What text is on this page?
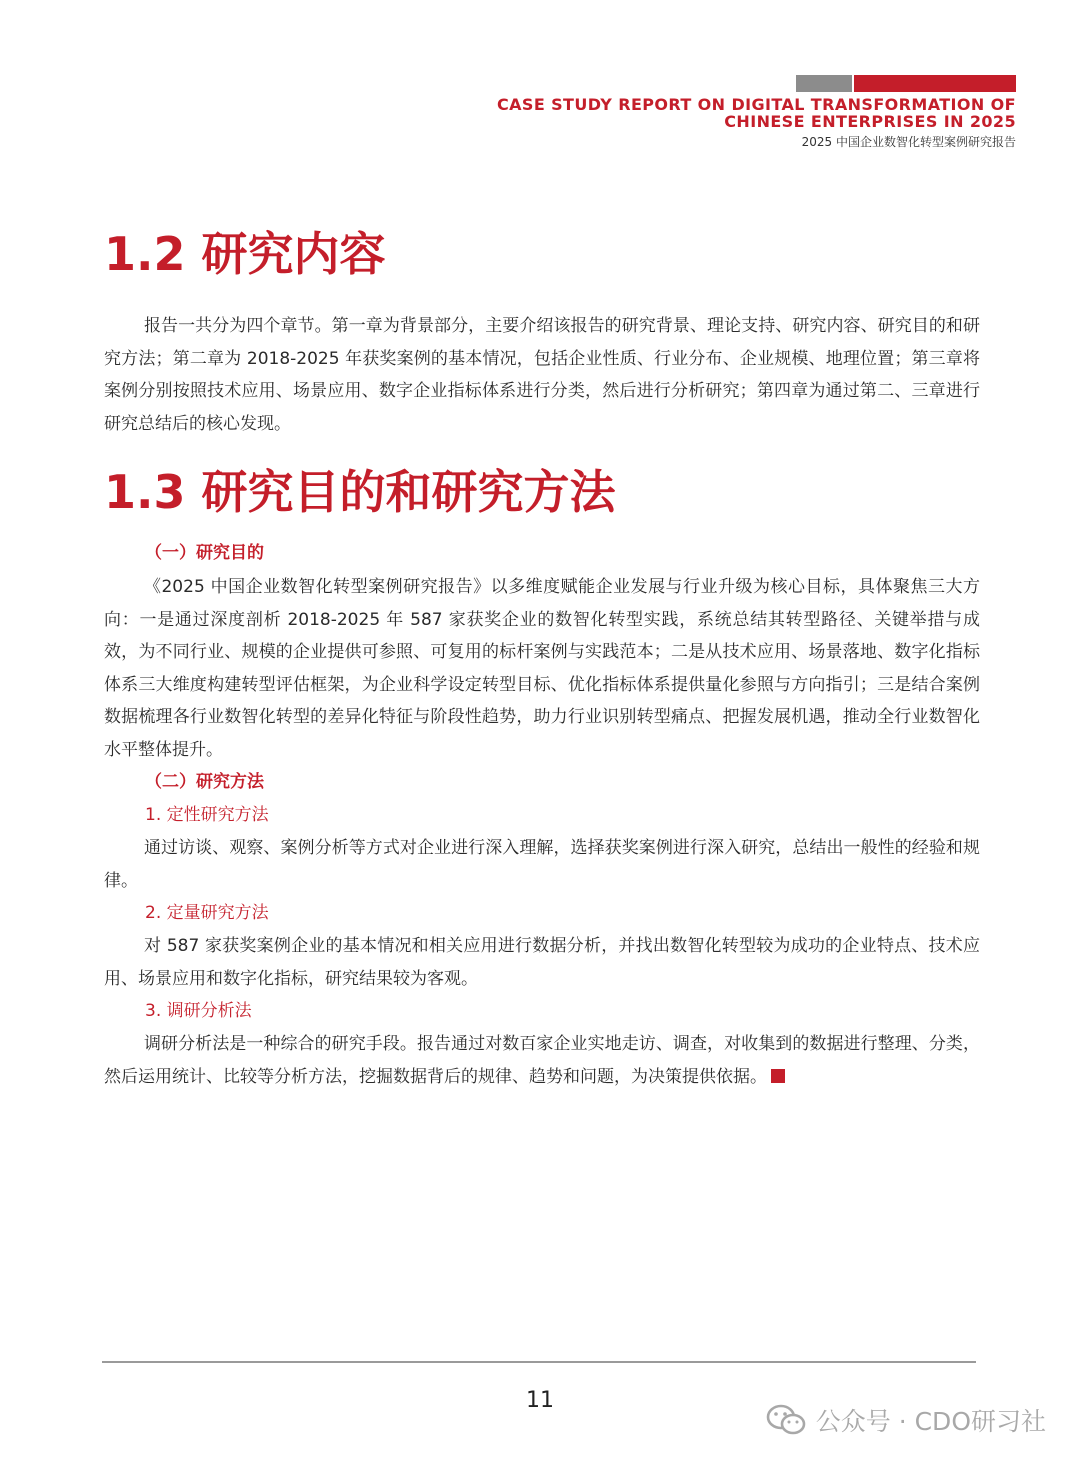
CASE STUDY REPORT ON DIGITAL TRANSFORMATION OF
CHINESE ENTERPRISES IN 2025
2025 中国企业数智化转型案例研究报告
1.2 研究内容

报告一共分为四个章节。第一章为背景部分，主要介绍该报告的研究背景、理论支持、研究内容、研究目的和研究方法；第二章为 2018-2025 年获奖案例的基本情况，包括企业性质、行业分布、企业规模、地理位置；第三章将案例分别按照技术应用、场景应用、数字企业指标体系进行分类，然后进行分析研究；第四章为通过第二、三章进行研究总结后的核心发现。

1.3 研究目的和研究方法
（一）研究目的

《2025 中国企业数智化转型案例研究报告》以多维度赋能企业发展与行业升级为核心目标，具体聚焦三大方向：一是通过深度剖析 2018-2025 年 587 家获奖企业的数智化转型实践，系统总结其转型路径、关键举措与成效，为不同行业、规模的企业提供可参照、可复用的标杆案例与实践范本；二是从技术应用、场景落地、数字化指标体系三大维度构建转型评估框架，为企业科学设定转型目标、优化指标体系提供量化参照与方向指引；三是结合案例数据梳理各行业数智化转型的差异化特征与阶段性趋势，助力行业识别转型痛点、把握发展机遇，推动全行业数智化水平整体提升。

（二）研究方法
1. 定性研究方法

通过访谈、观察、案例分析等方式对企业进行深入理解，选择获奖案例进行深入研究，总结出一般性的经验和规律。

2. 定量研究方法

对 587 家获奖案例企业的基本情况和相关应用进行数据分析，并找出数智化转型较为成功的企业特点、技术应用、场景应用和数字化指标，研究结果较为客观。

3. 调研分析法

调研分析法是一种综合的研究手段。报告通过对数百家企业实地走访、调查，对收集到的数据进行整理、分类，然后运用统计、比较等分析方法，挖掘数据背后的规律、趋势和问题，为决策提供依据。

11
公众号 · CDO研习社
